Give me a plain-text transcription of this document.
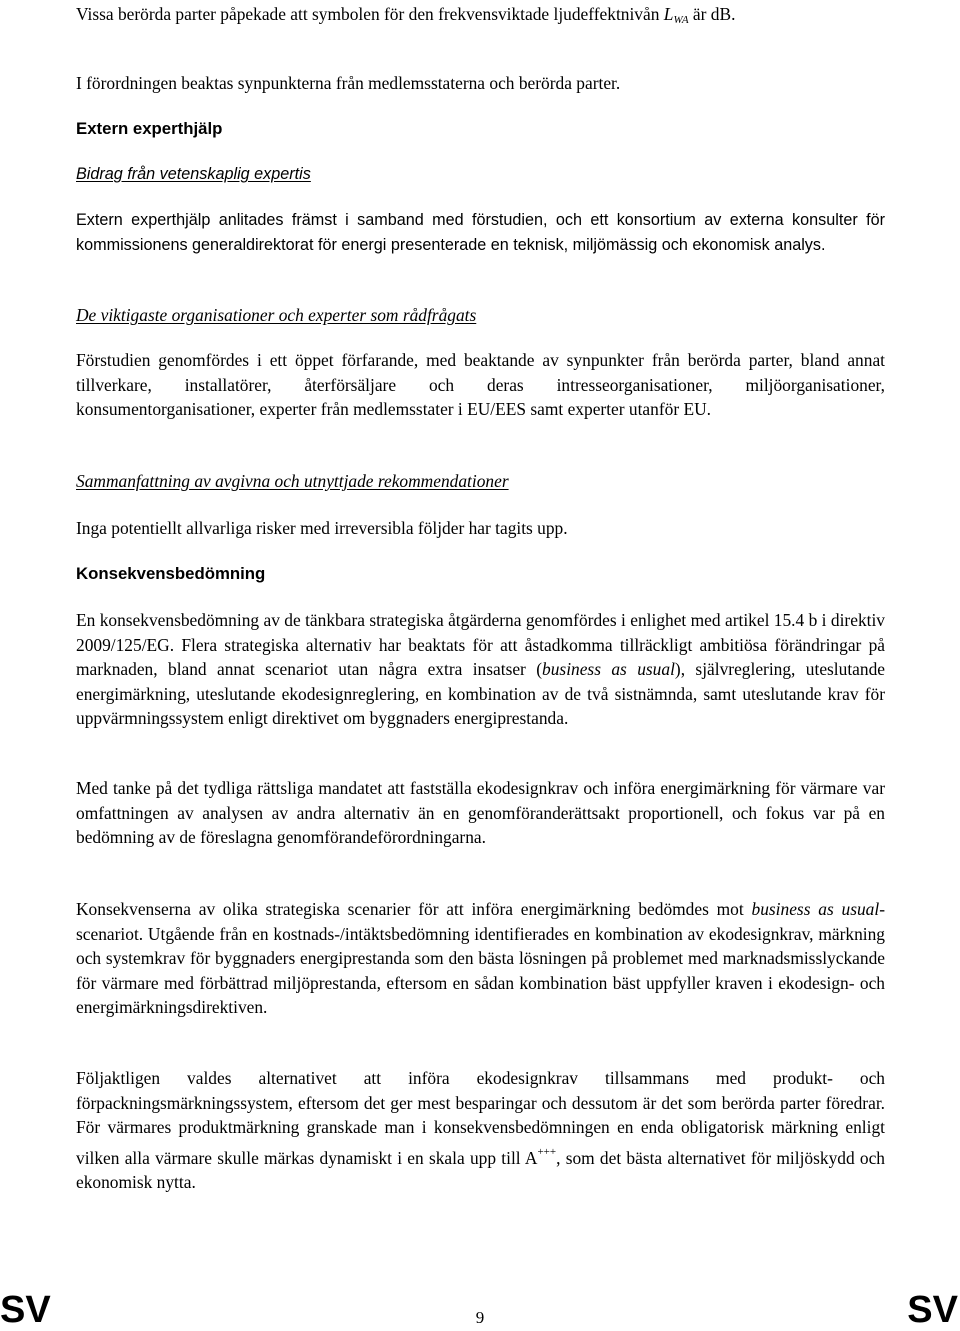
Vissa berörda parter påpekade att symbolen för den frekvensviktade ljudeffektnivån $L_{WA}$ är dB.

I förordningen beaktas synpunkterna från medlemsstaterna och berörda parter.

Extern experthjälp

Bidrag från vetenskaplig expertis

Extern experthjälp anlitades främst i samband med förstudien, och ett konsortium av externa konsulter för kommissionens generaldirektorat för energi presenterade en teknisk, miljömässig och ekonomisk analys.

De viktigaste organisationer och experter som rådfrågats

Förstudien genomfördes i ett öppet förfarande, med beaktande av synpunkter från berörda parter, bland annat tillverkare, installatörer, återförsäljare och deras intresseorganisationer, miljöorganisationer, konsumentorganisationer, experter från medlemsstater i EU/EES samt experter utanför EU.

Sammanfattning av avgivna och utnyttjade rekommendationer

Inga potentiellt allvarliga risker med irreversibla följder har tagits upp.

Konsekvensbedömning

En konsekvensbedömning av de tänkbara strategiska åtgärderna genomfördes i enlighet med artikel 15.4 b i direktiv 2009/125/EG. Flera strategiska alternativ har beaktats för att åstadkomma tillräckligt ambitiösa förändringar på marknaden, bland annat scenariot utan några extra insatser (business as usual), självreglering, uteslutande energimärkning, uteslutande ekodesignreglering, en kombination av de två sistnämnda, samt uteslutande krav för uppvärmningssystem enligt direktivet om byggnaders energiprestanda.

Med tanke på det tydliga rättsliga mandatet att fastställa ekodesignkrav och införa energimärkning för värmare var omfattningen av analysen av andra alternativ än en genomföranderättsakt proportionell, och fokus var på en bedömning av de föreslagna genomförandeförordningarna.

Konsekvenserna av olika strategiska scenarier för att införa energimärkning bedömdes mot business as usual-scenariot. Utgående från en kostnads-/intäktsbedömning identifierades en kombination av ekodesignkrav, märkning och systemkrav för byggnaders energiprestanda som den bästa lösningen på problemet med marknadsmisslyckande för värmare med förbättrad miljöprestanda, eftersom en sådan kombination bäst uppfyller kraven i ekodesign- och energimärkningsdirektiven.

Följaktligen valdes alternativet att införa ekodesignkrav tillsammans med produkt- och förpackningsmärkningssystem, eftersom det ger mest besparingar och dessutom är det som berörda parter föredrar. För värmares produktmärkning granskade man i konsekvensbedömningen en enda obligatorisk märkning enligt vilken alla värmare skulle märkas dynamiskt i en skala upp till A+++, som det bästa alternativet för miljöskydd och ekonomisk nytta.

SV	9	SV
